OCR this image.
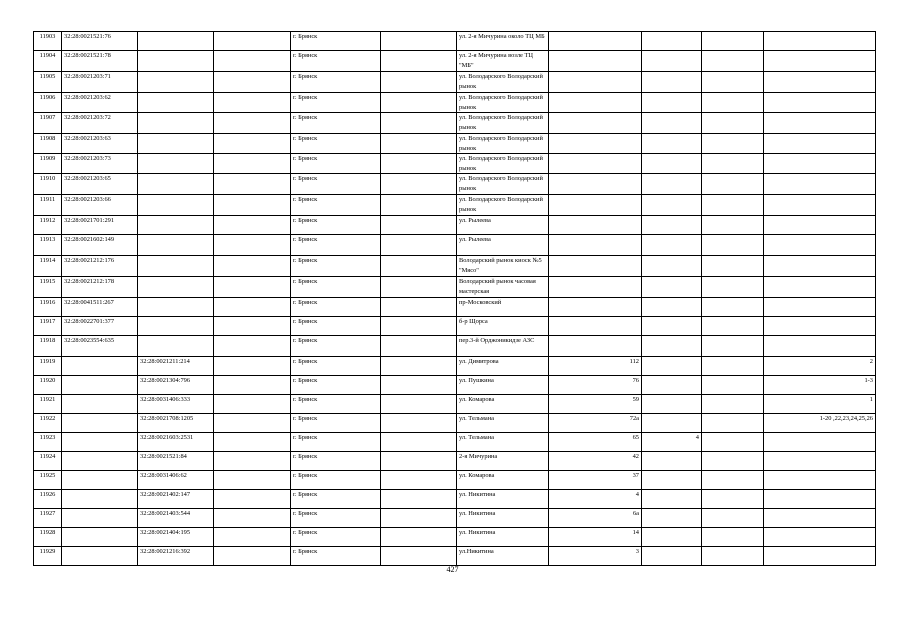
11903	32:28:0021521:76			г. Брянск		ул. 2-я Мичурина около ТЦ МБ				
11904	32:28:0021521:78			г. Брянск		ул. 2-я Мичурина возле ТЦ "МБ"				
11905	32:28:0021203:71			г. Брянск		ул. Володарского Володарский рынок				
11906	32:28:0021203:62			г. Брянск		ул. Володарского Володарский рынок				
11907	32:28:0021203:72			г. Брянск		ул. Володарского Володарский рынок				
11908	32:28:0021203:63			г. Брянск		ул. Володарского Володарский рынок				
11909	32:28:0021203:73			г. Брянск		ул. Володарского Володарский рынок				
11910	32:28:0021203:65			г. Брянск		ул. Володарского Володарский рынок				
11911	32:28:0021203:66			г. Брянск		ул. Володарского Володарский рынок				
11912	32:28:0021701:291			г. Брянск		ул. Рылеева				
11913	32:28:0021602:149			г. Брянск		ул. Рылеева				
11914	32:28:0021212:176			г. Брянск		Володарский рынок киоск №5 "Мясо"				
11915	32:28:0021212:178			г. Брянск		Володарский рынок часовая мастерская				
11916	32:28:0041511:267			г. Брянск		пр-Московский				
11917	32:28:0022701:377			г. Брянск		б-р Щорса				
11918	32:28:0023554:635			г. Брянск		пер.3-й Орджоникидзе АЗС				
11919		32:28:0021211:214		г. Брянск		ул. Димитрова	112			2
11920		32:28:0021304:796		г. Брянск		ул. Пушкина	76			1-3
11921		32:28:0031406:333		г. Брянск		ул. Комарова	59			1
11922		32:28:0021708:1205		г. Брянск		ул. Тельмана	72а			1-20 ,22,23,24,25,26
11923		32:28:0021603:2531		г. Брянск		ул. Тельмана	65	4		
11924		32:28:0021521:84		г. Брянск		2-я Мичурина	42			
11925		32:28:0031406:62		г. Брянск		ул. Комарова	37			
11926		32:28:0021402:147		г. Брянск		ул. Никитина	4			
11927		32:28:0021403:544		г. Брянск		ул. Никитина	6а			
11928		32:28:0021404:195		г. Брянск		ул. Никитина	14			
11929		32:28:0021216:392		г. Брянск		ул.Никитина	3			
427
